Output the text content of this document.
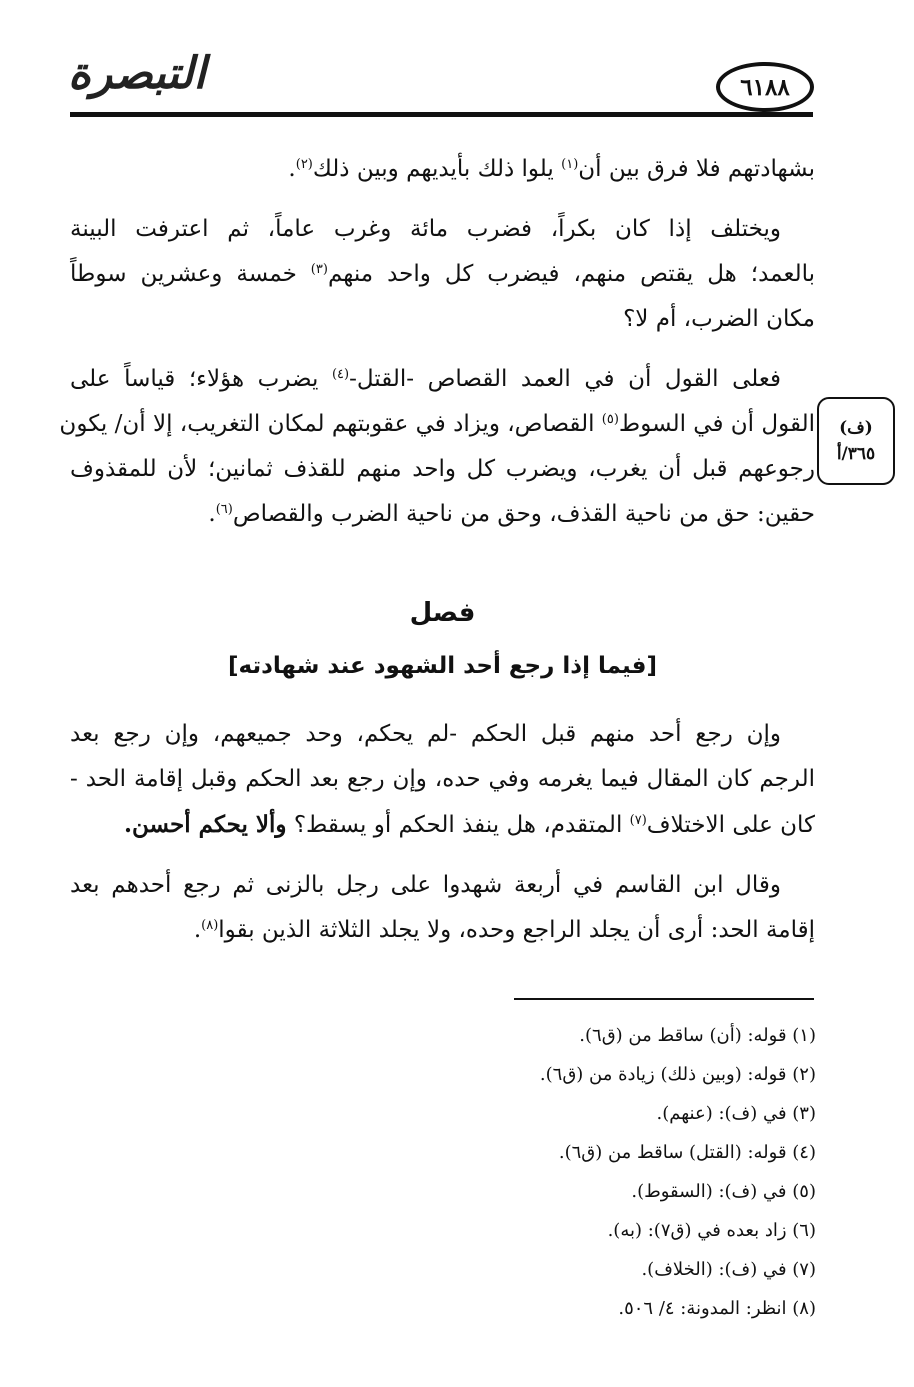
التبصرة	٦١٨٨
(ف)
٣٦٥/أ

بشهادتهم فلا فرق بين أن$^{(١)}$ يلوا ذلك بأيديهم وبين ذلك$^{(٢)}$.

ويختلف إذا كان بكراً، فضرب مائة وغرب عاماً، ثم اعترفت البينة
بالعمد؛ هل يقتص منهم، فيضرب كل واحد منهم$^{(٣)}$ خمسة وعشرين سوطاً
مكان الضرب، أم لا؟

فعلى القول أن في العمد القصاص -القتل-$^{(٤)}$ يضرب هؤلاء؛ قياساً على
القول أن في السوط$^{(٥)}$ القصاص، ويزاد في عقوبتهم لمكان التغريب، إلا أن/ يكون
رجوعهم قبل أن يغرب، ويضرب كل واحد منهم للقذف ثمانين؛ لأن للمقذوف
حقين: حق من ناحية القذف، وحق من ناحية الضرب والقصاص$^{(٦)}$.

فصل
[فيما إذا رجع أحد الشهود عند شهادته]

وإن رجع أحد منهم قبل الحكم -لم يحكم، وحد جميعهم، وإن رجع بعد
الرجم كان المقال فيما يغرمه وفي حده، وإن رجع بعد الحكم وقبل إقامة الحد -
كان على الاختلاف$^{(٧)}$ المتقدم، هل ينفذ الحكم أو يسقط؟ وألا يحكم أحسن.

وقال ابن القاسم في أربعة شهدوا على رجل بالزنى ثم رجع أحدهم بعد
إقامة الحد: أرى أن يجلد الراجع وحده، ولا يجلد الثلاثة الذين بقوا$^{(٨)}$.

(١) قوله: (أن) ساقط من (ق٦).
(٢) قوله: (وبين ذلك) زيادة من (ق٦).
(٣) في (ف): (عنهم).
(٤) قوله: (القتل) ساقط من (ق٦).
(٥) في (ف): (السقوط).
(٦) زاد بعده في (ق٧): (به).
(٧) في (ف): (الخلاف).
(٨) انظر: المدونة: ٤/ ٥٠٦.
